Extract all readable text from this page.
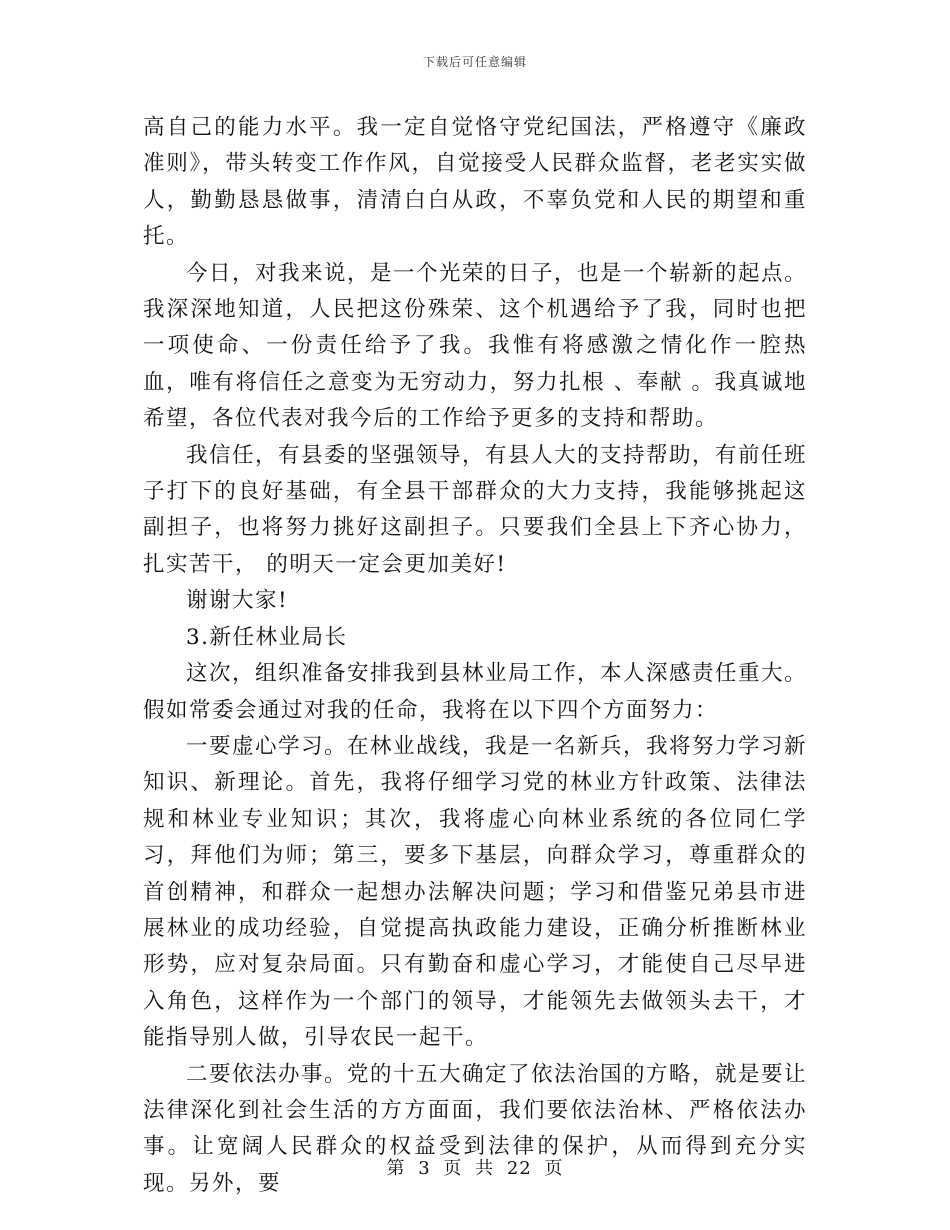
下载后可任意编辑

高自己的能力水平。我一定自觉恪守党纪国法，严格遵守《廉政准则》，带头转变工作作风，自觉接受人民群众监督，老老实实做人，勤勤恳恳做事，清清白白从政，不辜负党和人民的期望和重托。

今日，对我来说，是一个光荣的日子，也是一个崭新的起点。我深深地知道，人民把这份殊荣、这个机遇给予了我，同时也把一项使命、一份责任给予了我。我惟有将感激之情化作一腔热血，唯有将信任之意变为无穷动力，努力扎根 、奉献 。我真诚地希望，各位代表对我今后的工作给予更多的支持和帮助。

我信任，有县委的坚强领导，有县人大的支持帮助，有前任班子打下的良好基础，有全县干部群众的大力支持，我能够挑起这副担子，也将努力挑好这副担子。只要我们全县上下齐心协力，扎实苦干， 的明天一定会更加美好!

谢谢大家!

3.新任林业局长

这次，组织准备安排我到县林业局工作，本人深感责任重大。假如常委会通过对我的任命，我将在以下四个方面努力：

一要虚心学习。在林业战线，我是一名新兵，我将努力学习新知识、新理论。首先，我将仔细学习党的林业方针政策、法律法规和林业专业知识；其次，我将虚心向林业系统的各位同仁学习，拜他们为师；第三，要多下基层，向群众学习，尊重群众的首创精神，和群众一起想办法解决问题；学习和借鉴兄弟县市进展林业的成功经验，自觉提高执政能力建设，正确分析推断林业形势，应对复杂局面。只有勤奋和虚心学习，才能使自己尽早进入角色，这样作为一个部门的领导，才能领先去做领头去干，才能指导别人做，引导农民一起干。

二要依法办事。党的十五大确定了依法治国的方略，就是要让法律深化到社会生活的方方面面，我们要依法治林、严格依法办事。让宽阔人民群众的权益受到法律的保护，从而得到充分实现。另外，要

第 3 页 共 22 页
